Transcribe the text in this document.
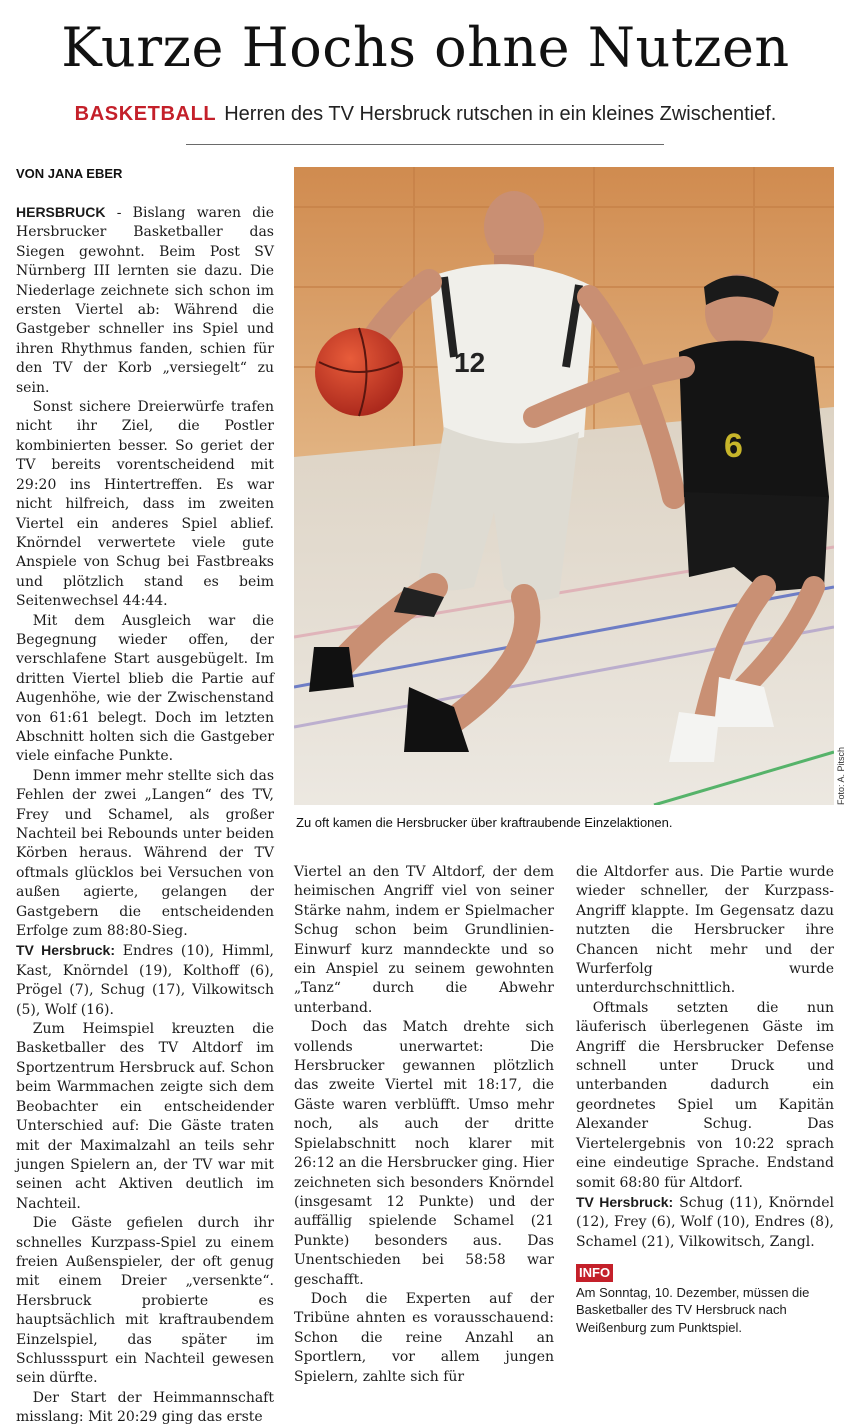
Kurze Hochs ohne Nutzen
BASKETBALL Herren des TV Hersbruck rutschen in ein kleines Zwischentief.
VON JANA EBER

HERSBRUCK - Bislang waren die Hersbrucker Basketballer das Siegen gewohnt. Beim Post SV Nürnberg III lernten sie dazu. Die Niederlage zeichnete sich schon im ersten Viertel ab: Während die Gastgeber schneller ins Spiel und ihren Rhythmus fanden, schien für den TV der Korb „versiegelt“ zu sein.

Sonst sichere Dreierwürfe trafen nicht ihr Ziel, die Postler kombinierten besser. So geriet der TV bereits vorentscheidend mit 29:20 ins Hintertreffen. Es war nicht hilfreich, dass im zweiten Viertel ein anderes Spiel ablief. Knörndel verwertete viele gute Anspiele von Schug bei Fastbreaks und plötzlich stand es beim Seitenwechsel 44:44.

Mit dem Ausgleich war die Begegnung wieder offen, der verschlafene Start ausgebügelt. Im dritten Viertel blieb die Partie auf Augenhöhe, wie der Zwischenstand von 61:61 belegt. Doch im letzten Abschnitt holten sich die Gastgeber viele einfache Punkte.

Denn immer mehr stellte sich das Fehlen der zwei „Langen“ des TV, Frey und Schamel, als großer Nachteil bei Rebounds unter beiden Körben heraus. Während der TV oftmals glücklos bei Versuchen von außen agierte, gelangen der Gastgebern die entscheidenden Erfolge zum 88:80-Sieg.

TV Hersbruck: Endres (10), Himml, Kast, Knörndel (19), Kolthoff (6), Prögel (7), Schug (17), Vilkowitsch (5), Wolf (16).

Zum Heimspiel kreuzten die Basketballer des TV Altdorf im Sportzentrum Hersbruck auf. Schon beim Warmmachen zeigte sich dem Beobachter ein entscheidender Unterschied auf: Die Gäste traten mit der Maximalzahl an teils sehr jungen Spielern an, der TV war mit seinen acht Aktiven deutlich im Nachteil.

Die Gäste gefielen durch ihr schnelles Kurzpass-Spiel zu einem freien Außenspieler, der oft genug mit einem Dreier „versenkte“. Hersbruck probierte es hauptsächlich mit kraftraubendem Einzelspiel, das später im Schlussspurt ein Nachteil gewesen sein dürfte.

Der Start der Heimmannschaft misslang: Mit 20:29 ging das erste

12
6
Foto: A. Pitsch
Zu oft kamen die Hersbrucker über kraftraubende Einzelaktionen.

Viertel an den TV Altdorf, der dem heimischen Angriff viel von seiner Stärke nahm, indem er Spielmacher Schug schon beim Grundlinien-Einwurf kurz manndeckte und so ein Anspiel zu seinem gewohnten „Tanz“ durch die Abwehr unterband.

Doch das Match drehte sich vollends unerwartet: Die Hersbrucker gewannen plötzlich das zweite Viertel mit 18:17, die Gäste waren verblüfft. Umso mehr noch, als auch der dritte Spielabschnitt noch klarer mit 26:12 an die Hersbrucker ging. Hier zeichneten sich besonders Knörndel (insgesamt 12 Punkte) und der auffällig spielende Schamel (21 Punkte) besonders aus. Das Unentschieden bei 58:58 war geschafft.

Doch die Experten auf der Tribüne ahnten es vorausschauend: Schon die reine Anzahl an Sportlern, vor allem jungen Spielern, zahlte sich für

die Altdorfer aus. Die Partie wurde wieder schneller, der Kurzpass-Angriff klappte. Im Gegensatz dazu nutzten die Hersbrucker ihre Chancen nicht mehr und der Wurferfolg wurde unterdurchschnittlich.

Oftmals setzten die nun läuferisch überlegenen Gäste im Angriff die Hersbrucker Defense schnell unter Druck und unterbanden dadurch ein geordnetes Spiel um Kapitän Alexander Schug. Das Viertelergebnis von 10:22 sprach eine eindeutige Sprache. Endstand somit 68:80 für Altdorf.

TV Hersbruck: Schug (11), Knörndel (12), Frey (6), Wolf (10), Endres (8), Schamel (21), Vilkowitsch, Zangl.

INFO
Am Sonntag, 10. Dezember, müssen die Basketballer des TV Hersbruck nach Weißenburg zum Punktspiel.
